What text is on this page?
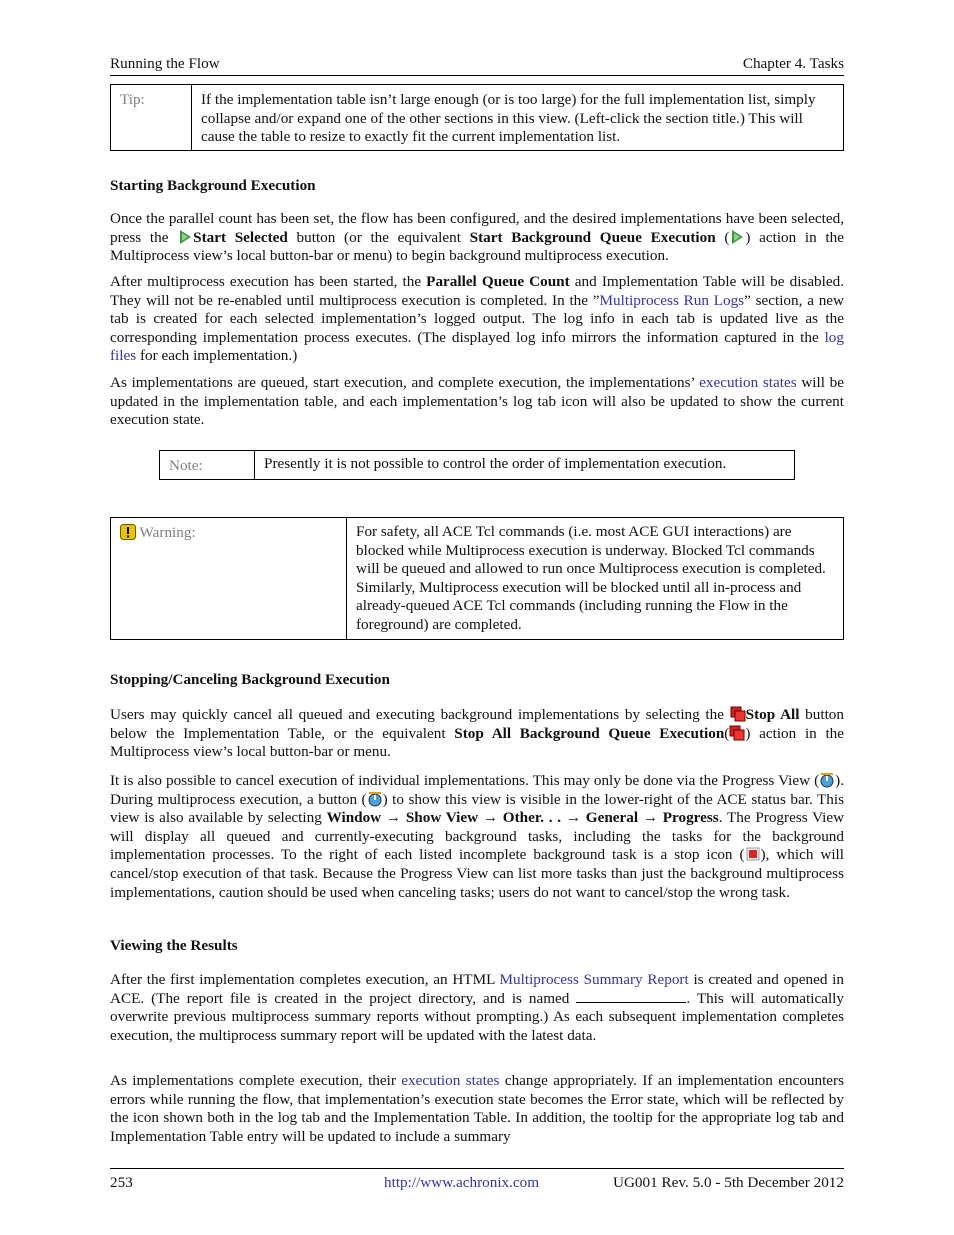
Running the Flow	Chapter 4. Tasks
Tip:	If the implementation table isn’t large enough (or is too large) for the full implementation list, simply collapse and/or expand one of the other sections in this view. (Left-click the section title.) This will cause the table to resize to exactly fit the current implementation list.
Starting Background Execution
Once the parallel count has been set, the flow has been configured, and the desired implementations have been selected, press the Start Selected button (or the equivalent Start Background Queue Execution ( ) action in the Multiprocess view’s local button-bar or menu) to begin background multiprocess execution.
After multiprocess execution has been started, the Parallel Queue Count and Implementation Table will be disabled. They will not be re-enabled until multiprocess execution is completed. In the ”Multiprocess Run Logs” section, a new tab is created for each selected implementation’s logged output. The log info in each tab is updated live as the corresponding implementation process executes. (The displayed log info mirrors the information captured in the log files for each implementation.)
As implementations are queued, start execution, and complete execution, the implementations’ execution states will be updated in the implementation table, and each implementation’s log tab icon will also be updated to show the current execution state.
Note:	Presently it is not possible to control the order of implementation execution.
Warning:	For safety, all ACE Tcl commands (i.e. most ACE GUI interactions) are blocked while Multiprocess execution is underway. Blocked Tcl commands will be queued and allowed to run once Multiprocess execution is completed. Similarly, Multiprocess execution will be blocked until all in-process and already-queued ACE Tcl commands (including running the Flow in the foreground) are completed.
Stopping/Canceling Background Execution
Users may quickly cancel all queued and executing background implementations by selecting the Stop All button below the Implementation Table, or the equivalent Stop All Background Queue Execution( ) action in the Multiprocess view’s local button-bar or menu.
It is also possible to cancel execution of individual implementations. This may only be done via the Progress View ( ). During multiprocess execution, a button ( ) to show this view is visible in the lower-right of the ACE status bar. This view is also available by selecting Window → Show View → Other. . . → General → Progress. The Progress View will display all queued and currently-executing background tasks, including the tasks for the background implementation processes. To the right of each listed incomplete background task is a stop icon ( ), which will cancel/stop execution of that task. Because the Progress View can list more tasks than just the background multiprocess implementations, caution should be used when canceling tasks; users do not want to cancel/stop the wrong task.
Viewing the Results
After the first implementation completes execution, an HTML Multiprocess Summary Report is created and opened in ACE. (The report file is created in the project directory, and is named	. This will automatically overwrite previous multiprocess summary reports without prompting.) As each subsequent implementation completes execution, the multiprocess summary report will be updated with the latest data.
As implementations complete execution, their execution states change appropriately. If an implementation encounters errors while running the flow, that implementation’s execution state becomes the Error state, which will be reflected by the icon shown both in the log tab and the Implementation Table. In addition, the tooltip for the appropriate log tab and Implementation Table entry will be updated to include a summary
253	http://www.achronix.com	UG001 Rev. 5.0 - 5th December 2012
